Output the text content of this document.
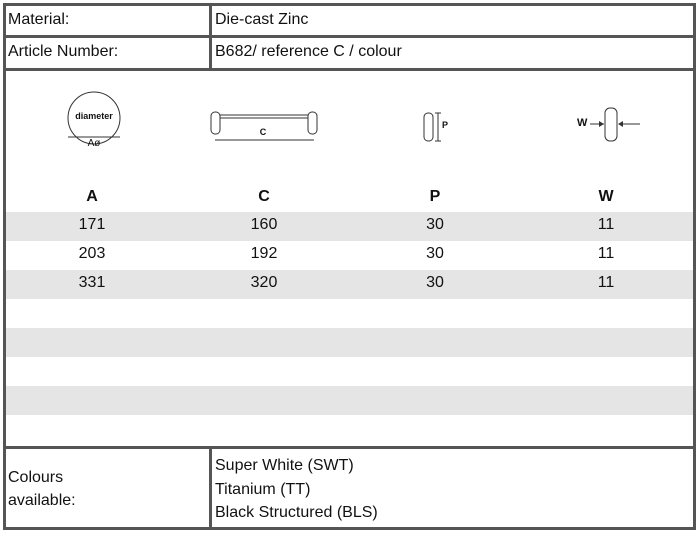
Material:	Die-cast Zinc
Article Number:	B682/ reference C / colour
diameter
Aø
C
P	W
A	C	P	W
171	160	30	11
203	192	30	11
331	320	30	11
Colours
available:
Super White (SWT)
Titanium (TT)
Black Structured (BLS)
